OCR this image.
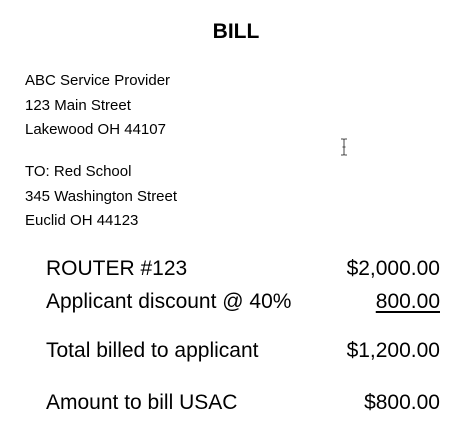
BILL
ABC Service Provider
123 Main Street
Lakewood OH 44107
TO: Red School
345 Washington Street
Euclid OH 44123
ROUTER #123	$2,000.00
Applicant discount @ 40%	800.00
Total billed to applicant	$1,200.00
Amount to bill USAC	$800.00
